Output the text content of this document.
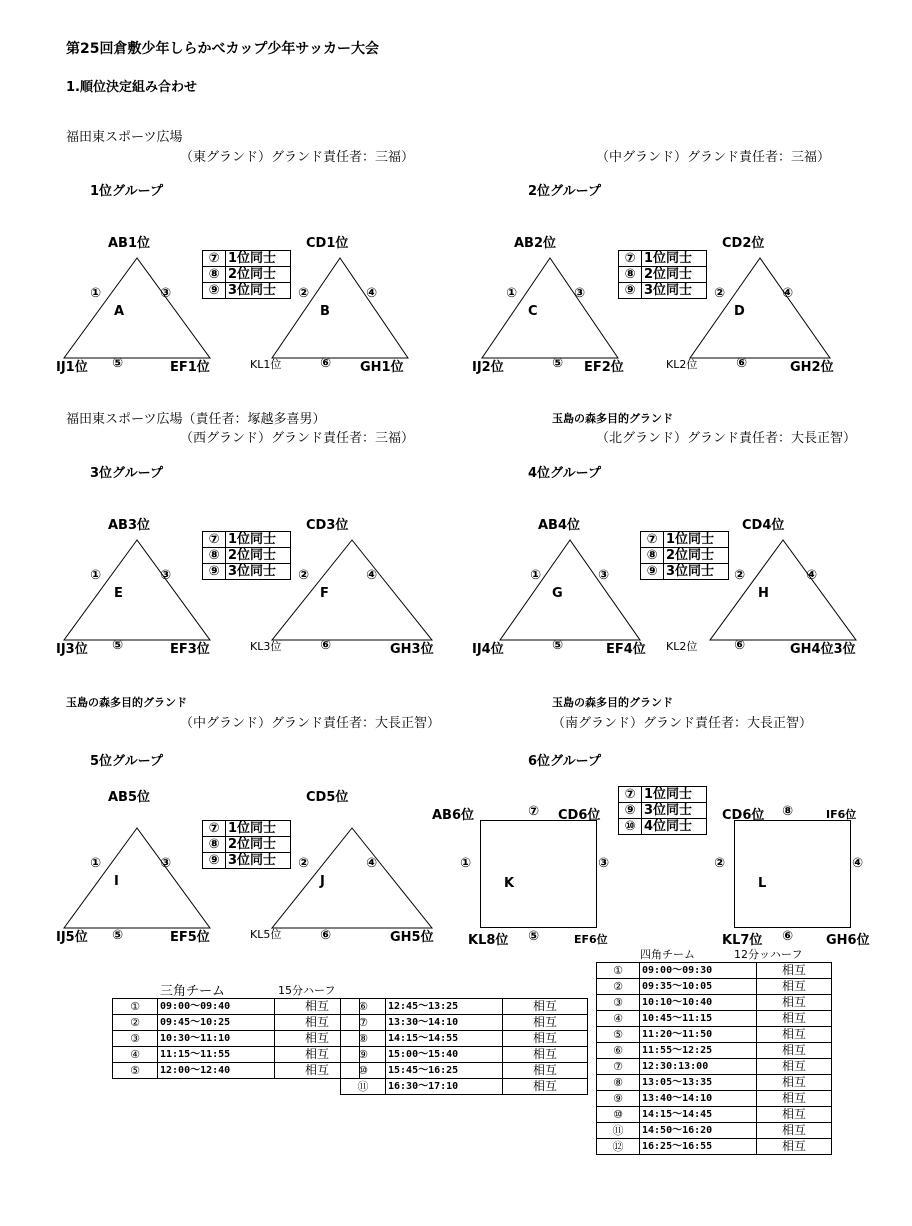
第25回倉敷少年しらかべカップ少年サッカー大会
1.順位決定組み合わせ
福田東スポーツ広場
（東グランド）グランド責任者：三福）	（中グランド）グランド責任者：三福）
1位グループ	2位グループ
福田東スポーツ広場（責任者：塚越多喜男）
（西グランド）グランド責任者：三福）
玉島の森多目的グランド
（北グランド）グランド責任者：大長正智）
3位グループ	4位グループ
玉島の森多目的グランド
（中グランド）グランド責任者：大長正智）
玉島の森多目的グランド
（南グランド）グランド責任者：大長正智）
5位グループ	6位グループ
AB1位
IJ1位	EF1位
A
①	③
⑤
CD1位
KL1位	GH1位
B
②	④
⑥
AB2位
IJ2位	EF2位
C
①	③
⑤
CD2位
KL2位	GH2位
D
②	④
⑥
AB3位
IJ3位	EF3位
E
①	③
⑤
CD3位
KL3位	GH3位
F
②	④
⑥
AB4位
IJ4位	EF4位
G
①	③
⑤
CD4位
KL2位	GH4位3位
H
②	④
⑥
AB5位
IJ5位	EF5位
I
①	③
⑤
CD5位
KL5位	GH5位
J
②	④
⑥
⑦	1位同士
⑧	2位同士
⑨	3位同士
⑦	1位同士
⑧	2位同士
⑨	3位同士
⑦	1位同士
⑧	2位同士
⑨	3位同士
⑦	1位同士
⑧	2位同士
⑨	3位同士
⑦	1位同士
⑧	2位同士
⑨	3位同士
⑦	1位同士
⑨	3位同士
⑩	4位同士
AB6位	⑦ CD6位
①	③
K
KL8位 ⑤	EF6位
CD6位 ⑧	IF6位
②	④
L
KL7位 ⑥	GH6位
三角チーム	15分ハーフ
①	09:00～09:40	相互
②	09:45～10:25	相互
③	10:30～11:10	相互
④	11:15～11:55	相互
⑤	12:00～12:40	相互
⑥	12:45～13:25	相互
⑦	13:30～14:10	相互
⑧	14:15～14:55	相互
⑨	15:00～15:40	相互
⑩	15:45～16:25	相互
⑪	16:30～17:10	相互
四角チーム	12分ッハーフ
①	09:00～09:30	相互
②	09:35～10:05	相互
③	10:10～10:40	相互
④	10:45～11:15	相互
⑤	11:20～11:50	相互
⑥	11:55～12:25	相互
⑦	12:30:13:00	相互
⑧	13:05～13:35	相互
⑨	13:40～14:10	相互
⑩	14:15～14:45	相互
⑪	14:50～16:20	相互
⑫	16:25～16:55	相互
